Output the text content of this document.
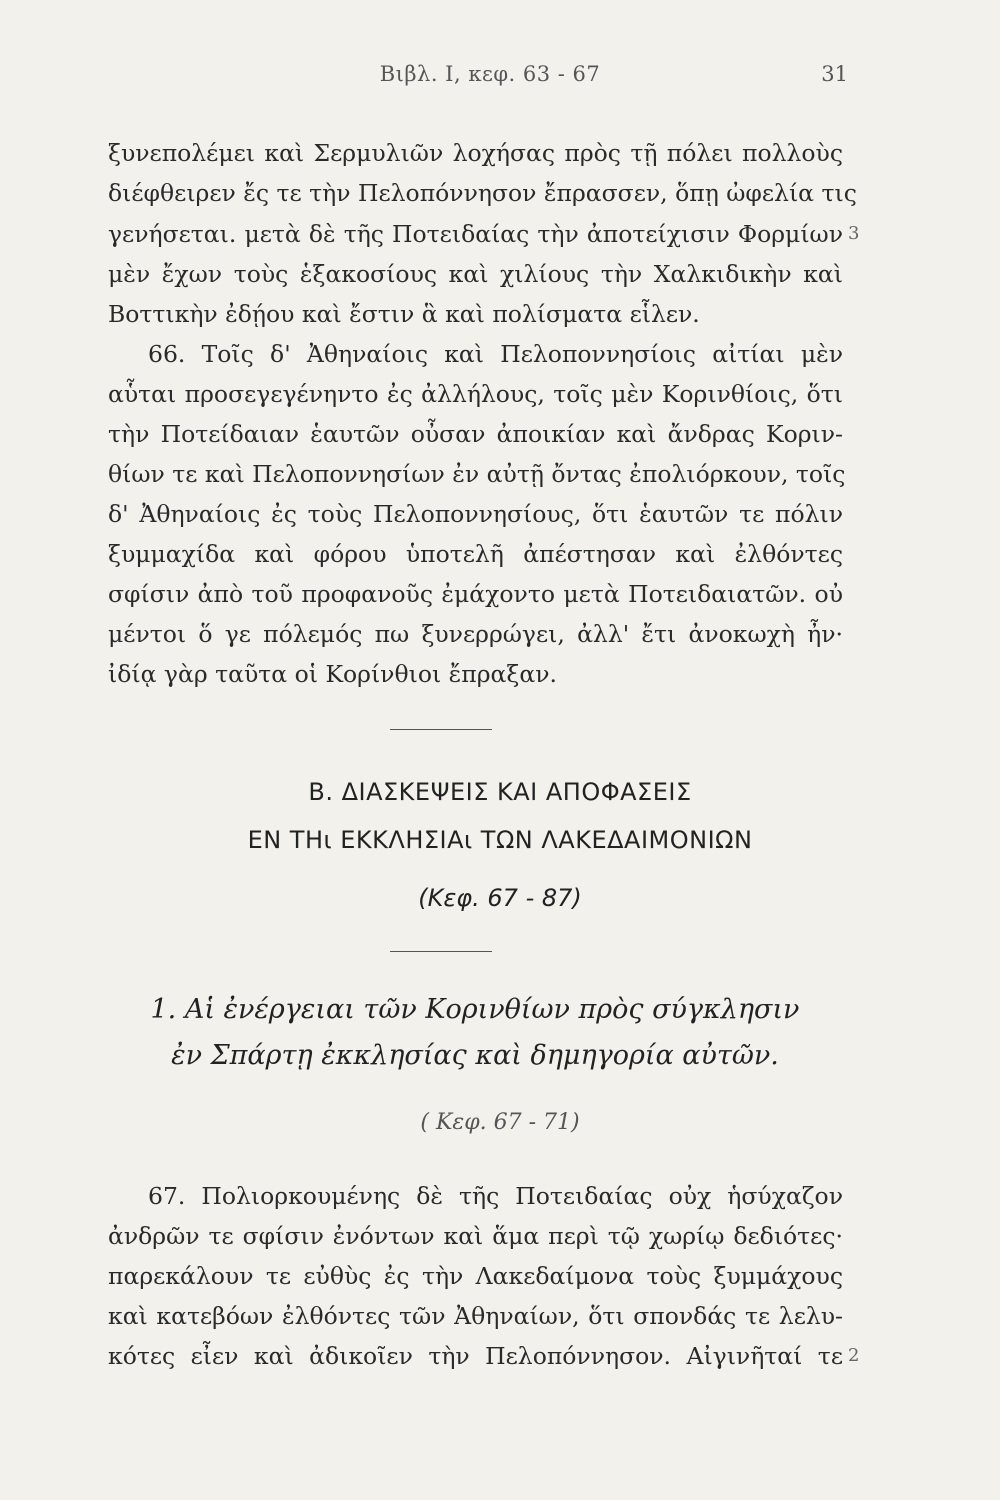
Βιβλ. Ι, κεφ. 63 - 67	31
ξυνεπολέμει καὶ Σερμυλιῶν λοχήσας πρὸς τῇ πόλει πολλοὺς
διέφθειρεν ἔς τε τὴν Πελοπόννησον ἔπρασσεν, ὅπῃ ὠφελία τις
γενήσεται. μετὰ δὲ τῆς Ποτειδαίας τὴν ἀποτείχισιν Φορμίων 3
μὲν ἔχων τοὺς ἑξακοσίους καὶ χιλίους τὴν Χαλκιδικὴν καὶ
Βοττικὴν ἐδῄου καὶ ἔστιν ἃ καὶ πολίσματα εἷλεν.
66. Τοῖς δ' Ἀθηναίοις καὶ Πελοποννησίοις αἰτίαι μὲν
αὗται προσεγεγένηντο ἐς ἀλλήλους, τοῖς μὲν Κορινθίοις, ὅτι
τὴν Ποτείδαιαν ἑαυτῶν οὖσαν ἀποικίαν καὶ ἄνδρας Κοριν-
θίων τε καὶ Πελοποννησίων ἐν αὐτῇ ὄντας ἐπολιόρκουν, τοῖς
δ' Ἀθηναίοις ἐς τοὺς Πελοποννησίους, ὅτι ἑαυτῶν τε πόλιν
ξυμμαχίδα καὶ φόρου ὑποτελῆ ἀπέστησαν καὶ ἐλθόντες
σφίσιν ἀπὸ τοῦ προφανοῦς ἐμάχοντο μετὰ Ποτειδαιατῶν. οὐ
μέντοι ὅ γε πόλεμός πω ξυνερρώγει, ἀλλ' ἔτι ἀνοκωχὴ ἦν·
ἰδίᾳ γὰρ ταῦτα οἱ Κορίνθιοι ἔπραξαν.
B. ΔΙΑΣΚΕΨΕΙΣ ΚΑΙ ΑΠΟΦΑΣΕΙΣ
ΕΝ ΤΗι ΕΚΚΛΗΣΙΑι ΤΩΝ ΛΑΚΕΔΑΙΜΟΝΙΩΝ
(Κεφ. 67 - 87)
1. Αἱ ἐνέργειαι τῶν Κορινθίων πρὸς σύγκλησιν
ἐν Σπάρτῃ ἐκκλησίας καὶ δημηγορία αὐτῶν.
( Κεφ. 67 - 71)
67. Πολιορκουμένης δὲ τῆς Ποτειδαίας οὐχ ἡσύχαζον
ἀνδρῶν τε σφίσιν ἐνόντων καὶ ἅμα περὶ τῷ χωρίῳ δεδιότες·
παρεκάλουν τε εὐθὺς ἐς τὴν Λακεδαίμονα τοὺς ξυμμάχους
καὶ κατεβόων ἐλθόντες τῶν Ἀθηναίων, ὅτι σπονδάς τε λελυ-
κότες εἶεν καὶ ἀδικοῖεν τὴν Πελοπόννησον. Αἰγινῆταί τε 2
